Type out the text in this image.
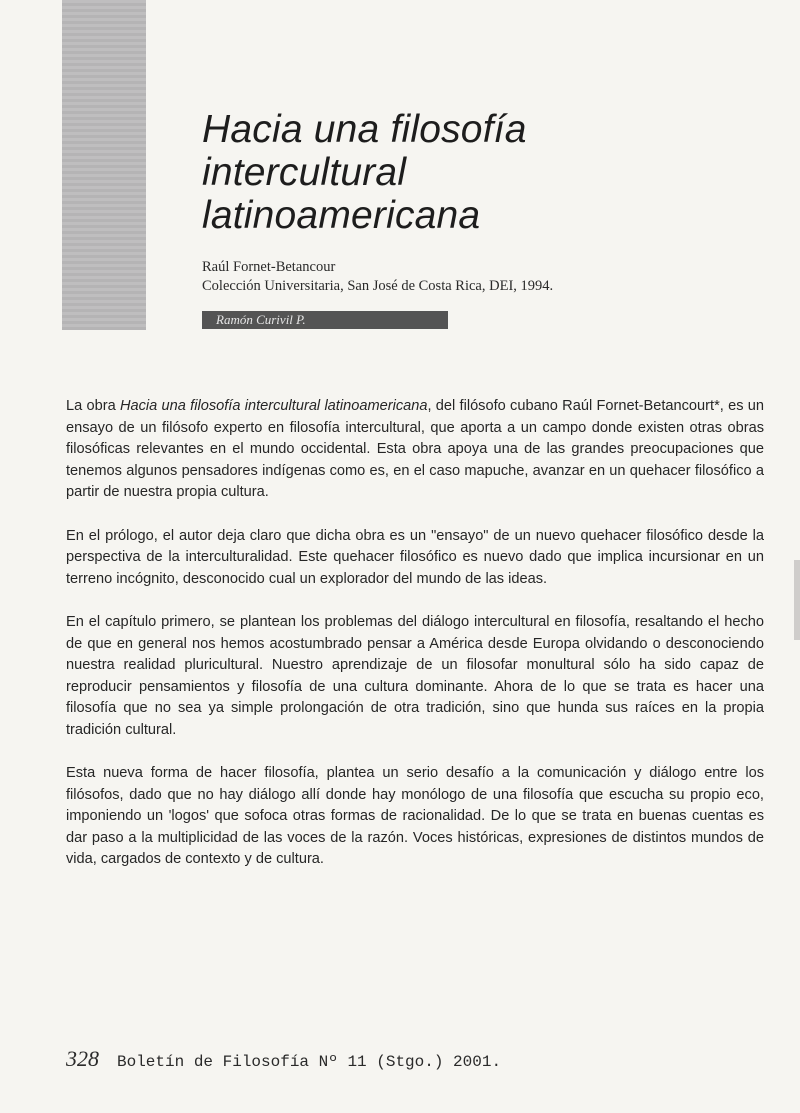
Hacia una filosofía
intercultural
latinoamericana
Raúl Fornet-Betancour
Colección Universitaria, San José de Costa Rica, DEI, 1994.
Ramón Curivil P.

La obra Hacia una filosofía intercultural latinoamericana, del filósofo cubano Raúl Fornet-Betancourt*, es un ensayo de un filósofo experto en filosofía intercultural, que aporta a un campo donde existen otras obras filosóficas relevantes en el mundo occidental. Esta obra apoya una de las grandes preocupaciones que tenemos algunos pensadores indígenas como es, en el caso mapuche, avanzar en un quehacer filosófico a partir de nuestra propia cultura.

En el prólogo, el autor deja claro que dicha obra es un "ensayo" de un nuevo quehacer filosófico desde la perspectiva de la interculturalidad. Este quehacer filosófico es nuevo dado que implica incursionar en un terreno incógnito, desconocido cual un explorador del mundo de las ideas.

En el capítulo primero, se plantean los problemas del diálogo intercultural en filosofía, resaltando el hecho de que en general nos hemos acostumbrado pensar a América desde Europa olvidando o desconociendo nuestra realidad pluricultural. Nuestro aprendizaje de un filosofar monultural sólo ha sido capaz de reproducir pensamientos y filosofía de una cultura dominante. Ahora de lo que se trata es hacer una filosofía que no sea ya simple prolongación de otra tradición, sino que hunda sus raíces en la propia tradición cultural.

Esta nueva forma de hacer filosofía, plantea un serio desafío a la comunicación y diálogo entre los filósofos, dado que no hay diálogo allí donde hay monólogo de una filosofía que escucha su propio eco, imponiendo un 'logos' que sofoca otras formas de racionalidad. De lo que se trata en buenas cuentas es dar paso a la multiplicidad de las voces de la razón. Voces históricas, expresiones de distintos mundos de vida, cargados de contexto y de cultura.

328 Boletín de Filosofía Nº 11 (Stgo.) 2001.
